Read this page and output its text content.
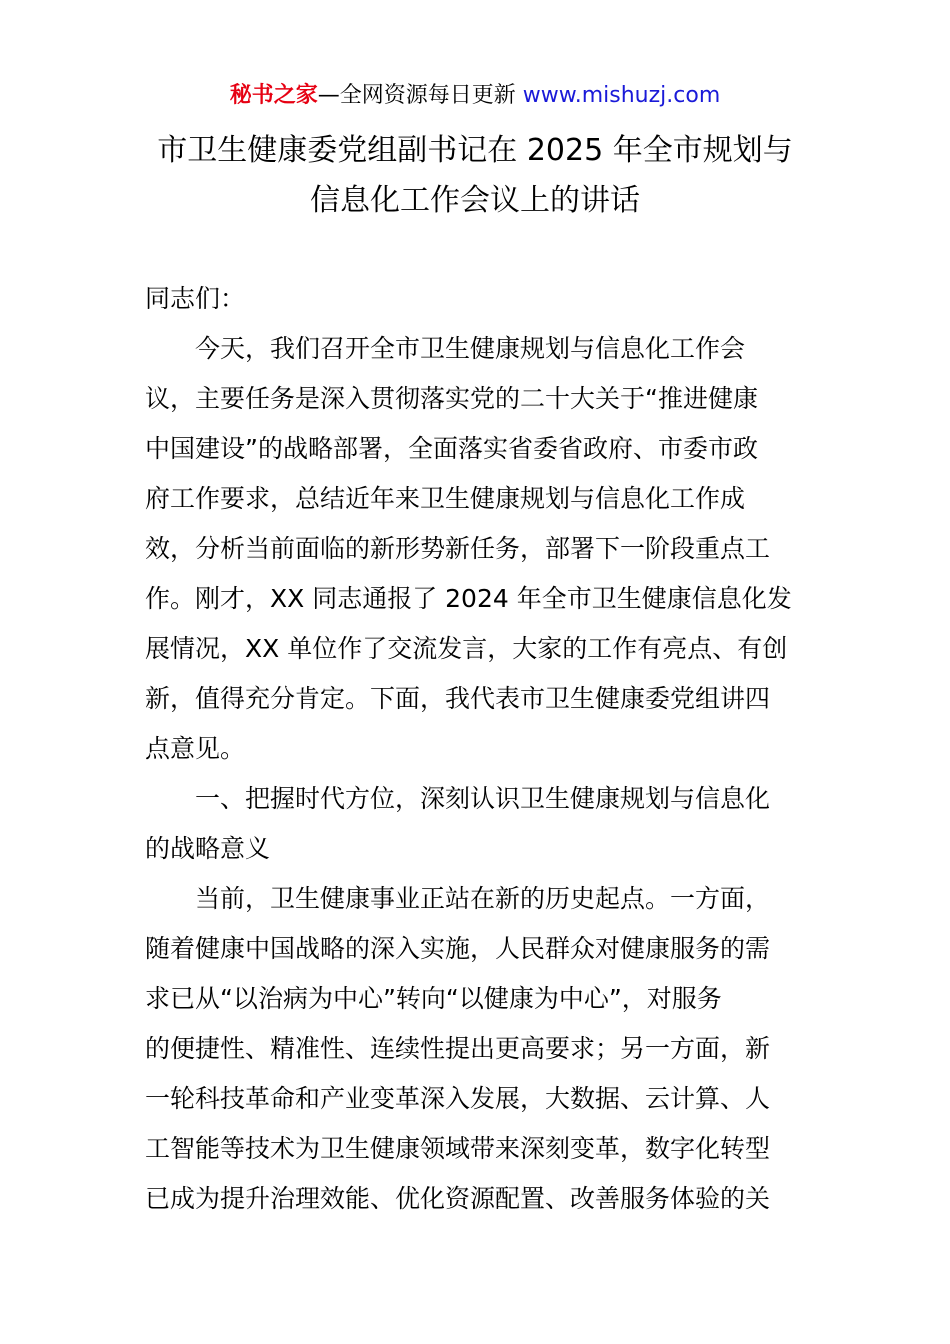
秘书之家—全网资源每日更新 www.mishuzj.com
市卫生健康委党组副书记在 2025 年全市规划与
信息化工作会议上的讲话
同志们：
今天，我们召开全市卫生健康规划与信息化工作会
议，主要任务是深入贯彻落实党的二十大关于“推进健康
中国建设”的战略部署，全面落实省委省政府、市委市政
府工作要求，总结近年来卫生健康规划与信息化工作成
效，分析当前面临的新形势新任务，部署下一阶段重点工
作。刚才，XX 同志通报了 2024 年全市卫生健康信息化发
展情况，XX 单位作了交流发言，大家的工作有亮点、有创
新，值得充分肯定。下面，我代表市卫生健康委党组讲四
点意见。
一、把握时代方位，深刻认识卫生健康规划与信息化
的战略意义
当前，卫生健康事业正站在新的历史起点。一方面，
随着健康中国战略的深入实施，人民群众对健康服务的需
求已从“以治病为中心”转向“以健康为中心”，对服务
的便捷性、精准性、连续性提出更高要求；另一方面，新
一轮科技革命和产业变革深入发展，大数据、云计算、人
工智能等技术为卫生健康领域带来深刻变革，数字化转型
已成为提升治理效能、优化资源配置、改善服务体验的关
